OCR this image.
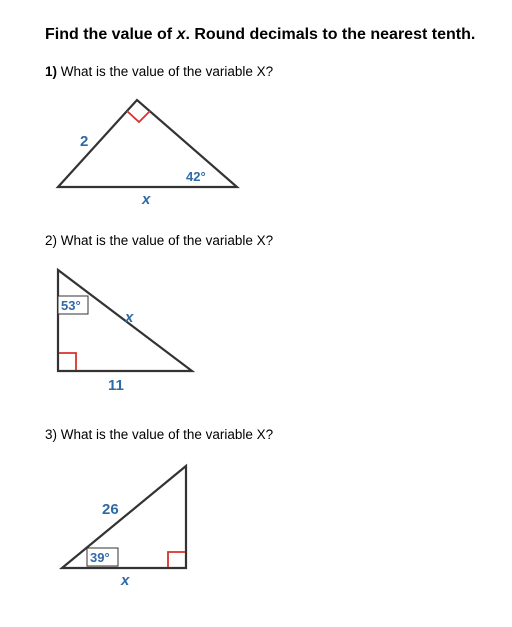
Find the value of x. Round decimals to the nearest tenth.
1) What is the value of the variable X?
2) What is the value of the variable X?
3) What is the value of the variable X?
2
42°
x
53°
x
11
26
39°
x
